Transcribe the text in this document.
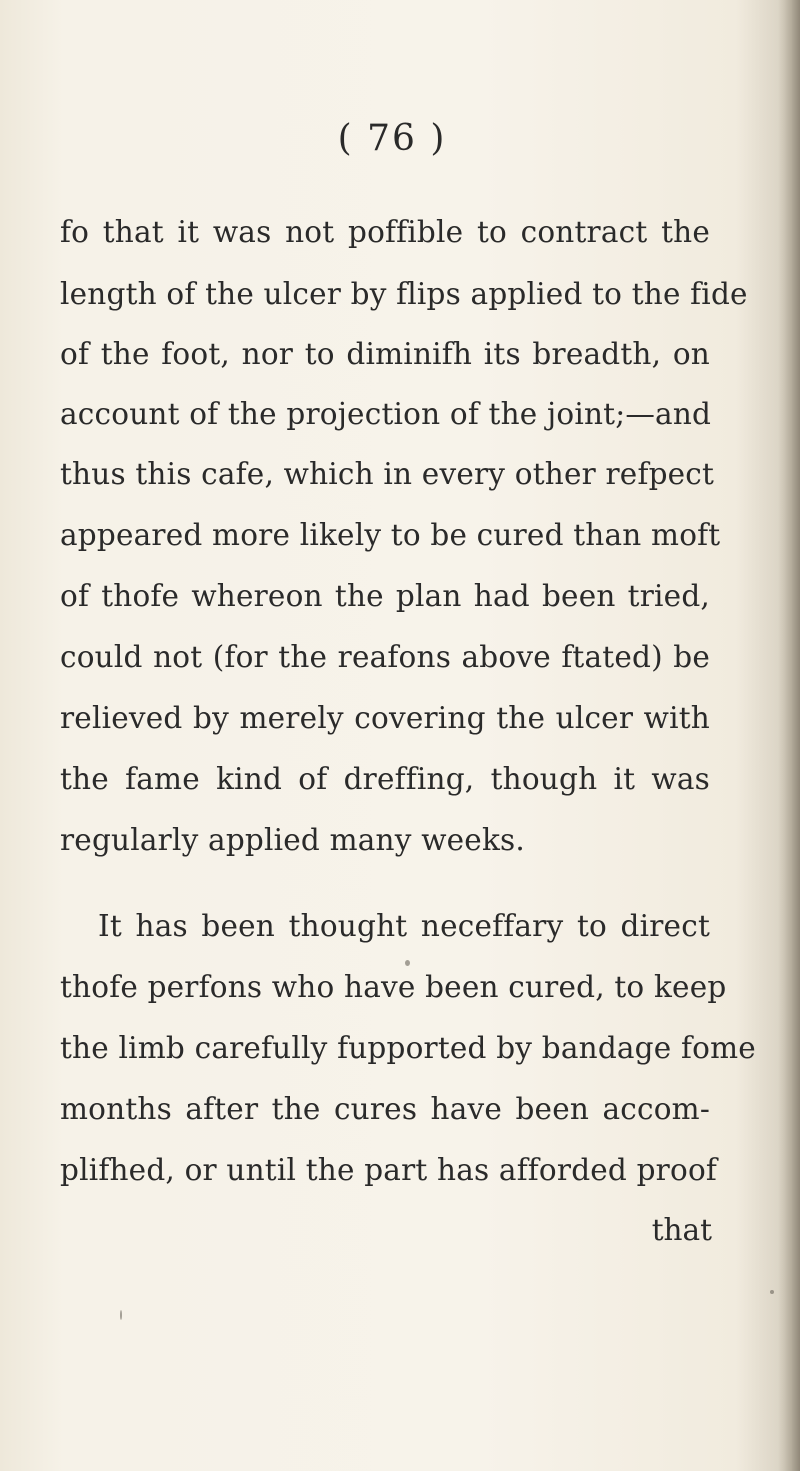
( 76 )
fo that it was not poffible to contract the
length of the ulcer by flips applied to the fide
of the foot, nor to diminifh its breadth, on
account of the projection of the joint;—and
thus this cafe, which in every other refpect
appeared more likely to be cured than moft
of thofe whereon the plan had been tried,
could not (for the reafons above ftated) be
relieved by merely covering the ulcer with
the fame kind of dreffing, though it was
regularly applied many weeks.
It has been thought neceffary to direct
thofe perfons who have been cured, to keep
the limb carefully fupported by bandage fome
months after the cures have been accom-
plifhed, or until the part has afforded proof
that
